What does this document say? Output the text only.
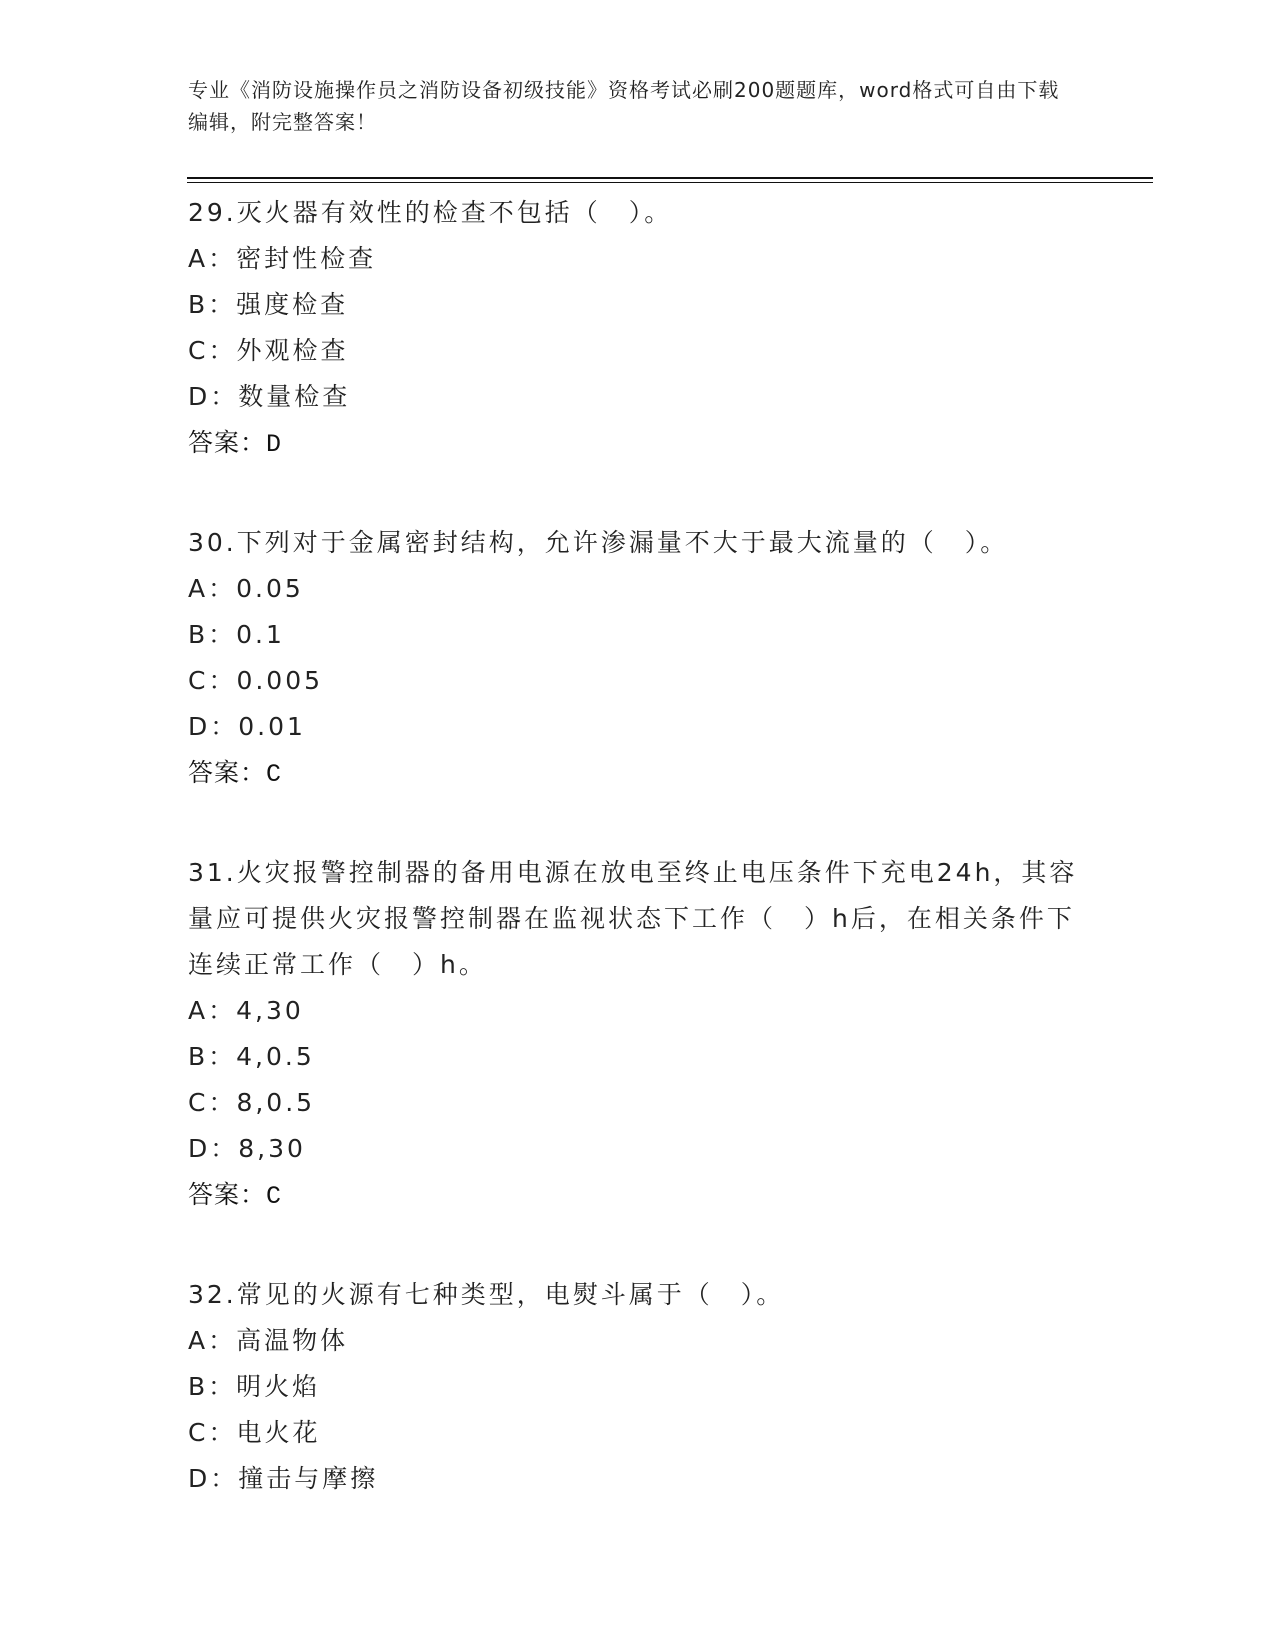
专业《消防设施操作员之消防设备初级技能》资格考试必刷200题题库，word格式可自由下载编辑，附完整答案！
29.灭火器有效性的检查不包括（　）。
A：密封性检查
B：强度检查
C：外观检查
D：数量检查
答案：D
30.下列对于金属密封结构，允许渗漏量不大于最大流量的（　）。
A：0.05
B：0.1
C：0.005
D：0.01
答案：C
31.火灾报警控制器的备用电源在放电至终止电压条件下充电24h，其容量应可提供火灾报警控制器在监视状态下工作（　）h后，在相关条件下连续正常工作（　）h。
A：4,30
B：4,0.5
C：8,0.5
D：8,30
答案：C
32.常见的火源有七种类型，电熨斗属于（　）。
A：高温物体
B：明火焰
C：电火花
D：撞击与摩擦
